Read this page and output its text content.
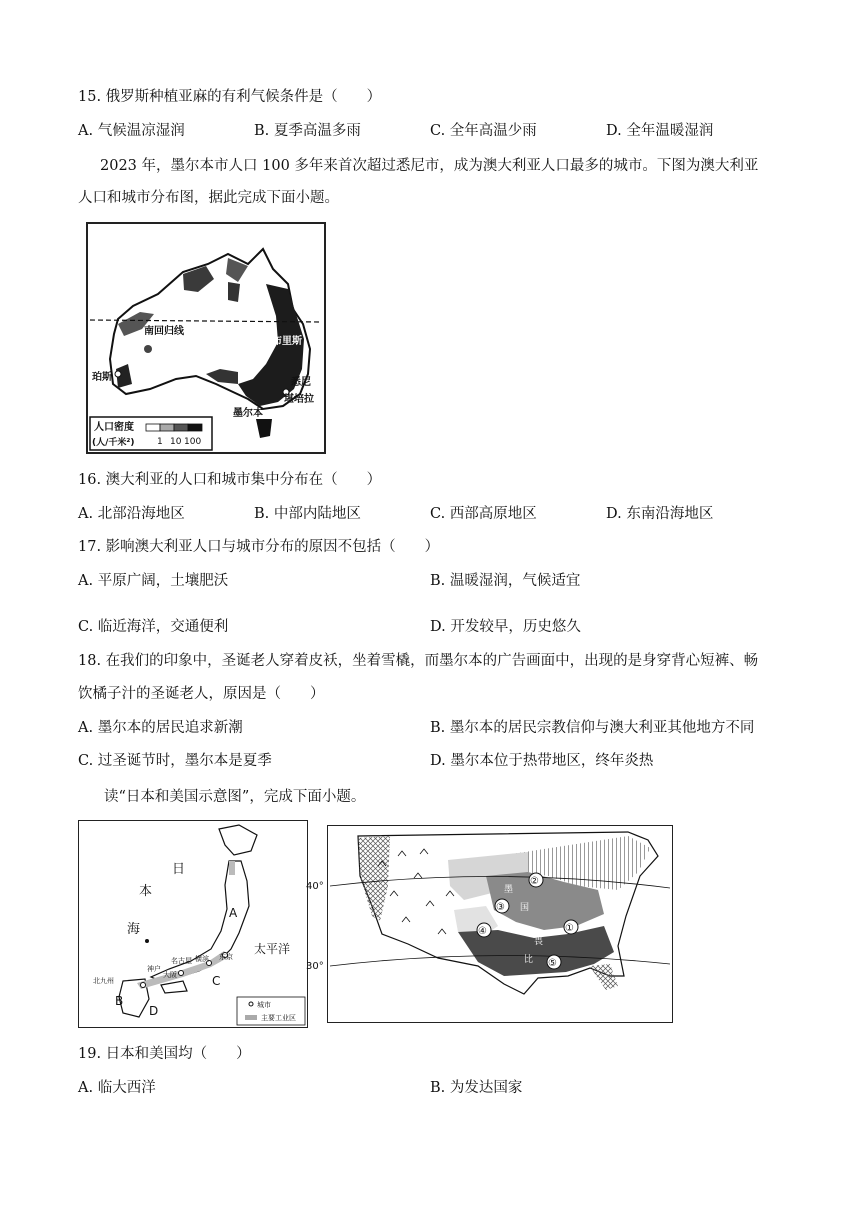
15. 俄罗斯种植亚麻的有利气候条件是（　　）
A. 气候温凉湿润	B. 夏季高温多雨	C. 全年高温少雨	D. 全年温暖湿润
2023 年，墨尔本市人口 100 多年来首次超过悉尼市，成为澳大利亚人口最多的城市。下图为澳大利亚
人口和城市分布图，据此完成下面小题。
南回归线
布里斯
悉尼
堪培拉
墨尔本
珀斯
人口密度
(人/千米²)	1 10 100
16. 澳大利亚的人口和城市集中分布在（　　）
A. 北部沿海地区	B. 中部内陆地区	C. 西部高原地区	D. 东南沿海地区
17. 影响澳大利亚人口与城市分布的原因不包括（　　）
A. 平原广阔，土壤肥沃	B. 温暖湿润，气候适宜
C. 临近海洋，交通便利	D. 开发较早，历史悠久
18. 在我们的印象中，圣诞老人穿着皮袄，坐着雪橇，而墨尔本的广告画面中，出现的是身穿背心短裤、畅
饮橘子汁的圣诞老人，原因是（　　）
A. 墨尔本的居民追求新潮	B. 墨尔本的居民宗教信仰与澳大利亚其他地方不同
C. 过圣诞节时，墨尔本是夏季	D. 墨尔本位于热带地区，终年炎热
读“日本和美国示意图”，完成下面小题。
日
本
海
太平洋
A
B
C
D
名古屋 横滨 东京
神户
大阪
北九州
城市
主要工业区
①
②
③
④
⑤
墨
国
畏
比
40°
30°
19. 日本和美国均（　　）
A. 临大西洋	B. 为发达国家
